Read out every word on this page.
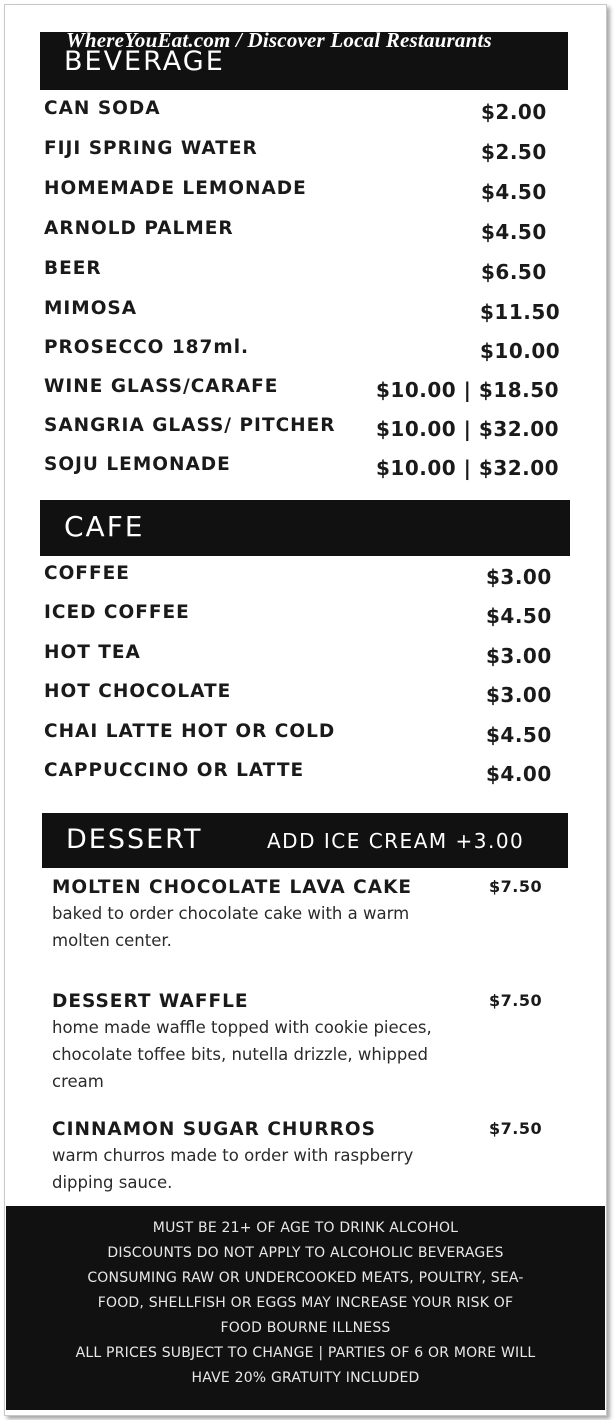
WhereYouEat.com / Discover Local Restaurants
BEVERAGE
CAN SODA	$2.00
FIJI SPRING WATER	$2.50
HOMEMADE LEMONADE	$4.50
ARNOLD PALMER	$4.50
BEER	$6.50
MIMOSA	$11.50
PROSECCO 187ml.	$10.00
WINE GLASS/CARAFE	$10.00 | $18.50
SANGRIA GLASS/ PITCHER $10.00 | $32.00
SOJU LEMONADE	$10.00 | $32.00
CAFE
COFFEE	$3.00
ICED COFFEE	$4.50
HOT TEA	$3.00
HOT CHOCOLATE	$3.00
CHAI LATTE HOT OR COLD	$4.50
CAPPUCCINO OR LATTE	$4.00
DESSERT	ADD ICE CREAM +3.00
MOLTEN CHOCOLATE LAVA CAKE	$7.50
baked to order chocolate cake with a warm
molten center.
DESSERT WAFFLE	$7.50
home made waffle topped with cookie pieces,
chocolate toffee bits, nutella drizzle, whipped
cream
CINNAMON SUGAR CHURROS	$7.50
warm churros made to order with raspberry
dipping sauce.
MUST BE 21+ OF AGE TO DRINK ALCOHOL
DISCOUNTS DO NOT APPLY TO ALCOHOLIC BEVERAGES
CONSUMING RAW OR UNDERCOOKED MEATS, POULTRY, SEA-
FOOD, SHELLFISH OR EGGS MAY INCREASE YOUR RISK OF
FOOD BOURNE ILLNESS
ALL PRICES SUBJECT TO CHANGE | PARTIES OF 6 OR MORE WILL
HAVE 20% GRATUITY INCLUDED
